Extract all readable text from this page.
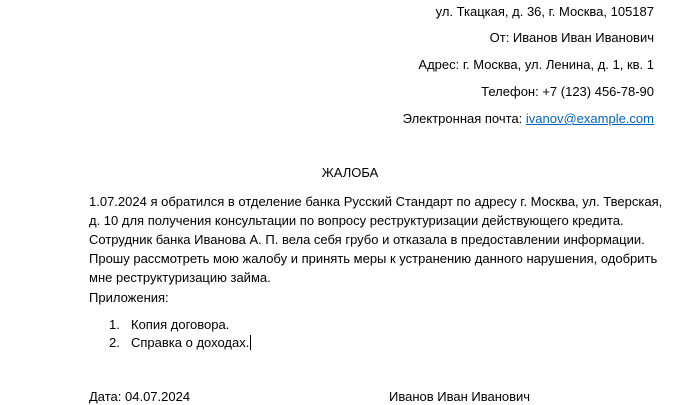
ул. Ткацкая, д. 36, г. Москва, 105187
От: Иванов Иван Иванович
Адрес: г. Москва, ул. Ленина, д. 1, кв. 1
Телефон: +7 (123) 456-78-90
Электронная почта: ivanov@example.com
ЖАЛОБА
1.07.2024 я обратился в отделение банка Русский Стандарт по адресу г. Москва, ул. Тверская, д. 10 для получения консультации по вопросу реструктуризации действующего кредита. Сотрудник банка Иванова А. П. вела себя грубо и отказала в предоставлении информации. Прошу рассмотреть мою жалобу и принять меры к устранению данного нарушения, одобрить мне реструктуризацию займа.
Приложения:
1. Копия договора.
2. Справка о доходах.
Дата: 04.07.2024	Иванов Иван Иванович
